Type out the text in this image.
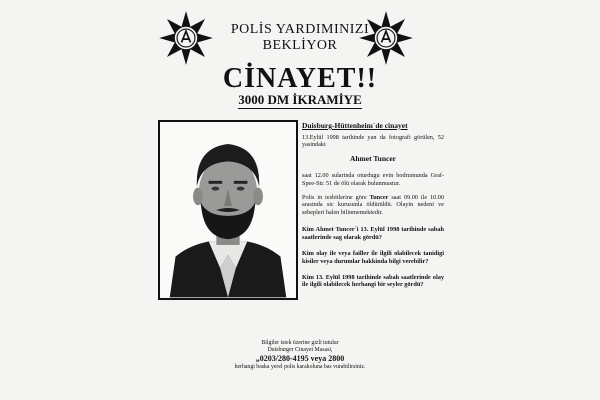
POLİS YARDIMINIZI
BEKLİYOR
CİNAYET!!
3000 DM İKRAMİYE
Duisburg-Hüttenheim´de cinayet

13.Eylül 1998 tarihinde yan da fotografi görülen, 52 yasindaki

Ahmet Tuncer

saat 12.00 sularinda oturdugu evin bodrumunda Graf-Spee-Str. 51 de ölü olarak bulunmustur.

Polis in tesbitlerine göre Tuncer saat 09.00 ile 10.00 arasinda sic kurusunla öldürüldü. Olayin nedeni ve sebepleri halen bilinmemektedir.

Kim Ahmet Tuncer´i 13. Eylül 1998 tarihinde sabah saatlerinde sag olarak gördü?

Kim olay ile veya failler ile ilgili olabilecek tanidigi kisiler veya durumlar hakkinda bilgi verebilir?

Kim 13. Eylül 1998 tarihinde sabah saatlerinde olay ile ilgili olabilecek herhangi bir seyler gördü?

Bilgiler istek üzerine gizli tutulur
Duisburger Cinayet Masasi,
„0203/280-4195 veya 2800
herhangi baska yerel polis karakoluna bas vurabilirsiniz.
